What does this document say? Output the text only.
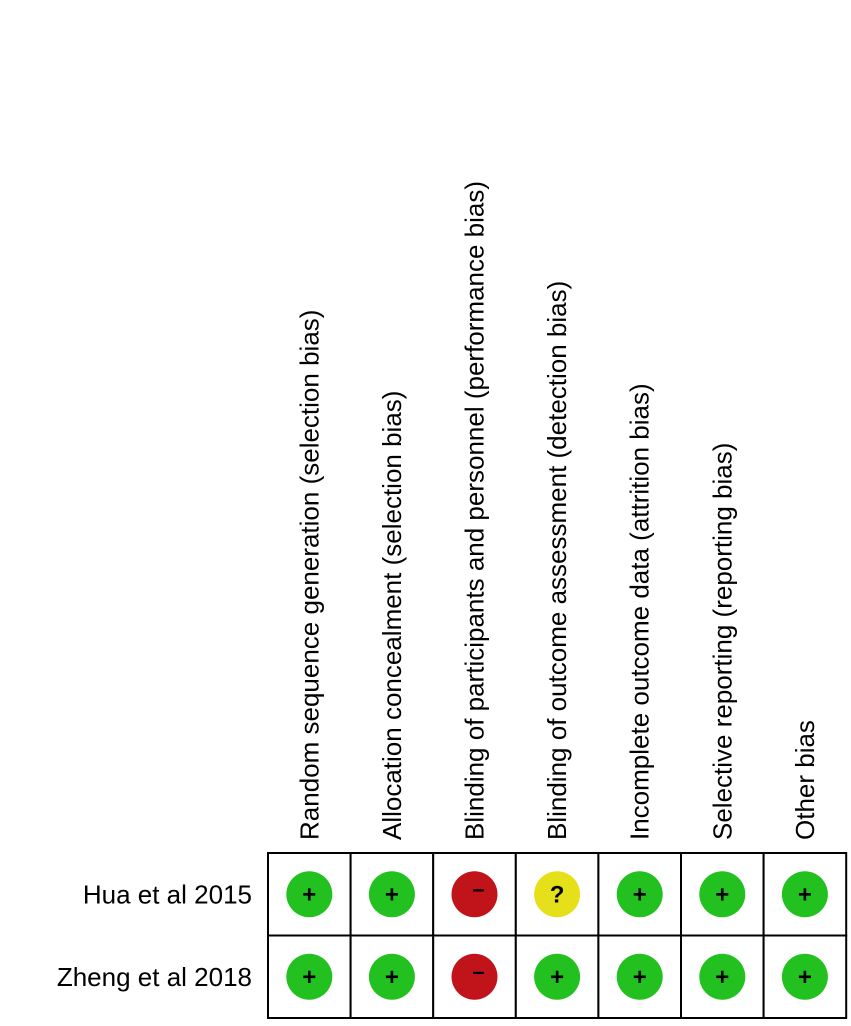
Random sequence generation (selection bias) Allocation concealment (selection bias) Blinding of participants and personnel (performance bias) Blinding of outcome assessment (detection bias) Incomplete outcome data (attrition bias) Selective reporting (reporting bias) Other bias
Hua et al 2015 +	+	–	?	+	+	+
Zheng et al 2018 +	+	–	+	+	+	+
